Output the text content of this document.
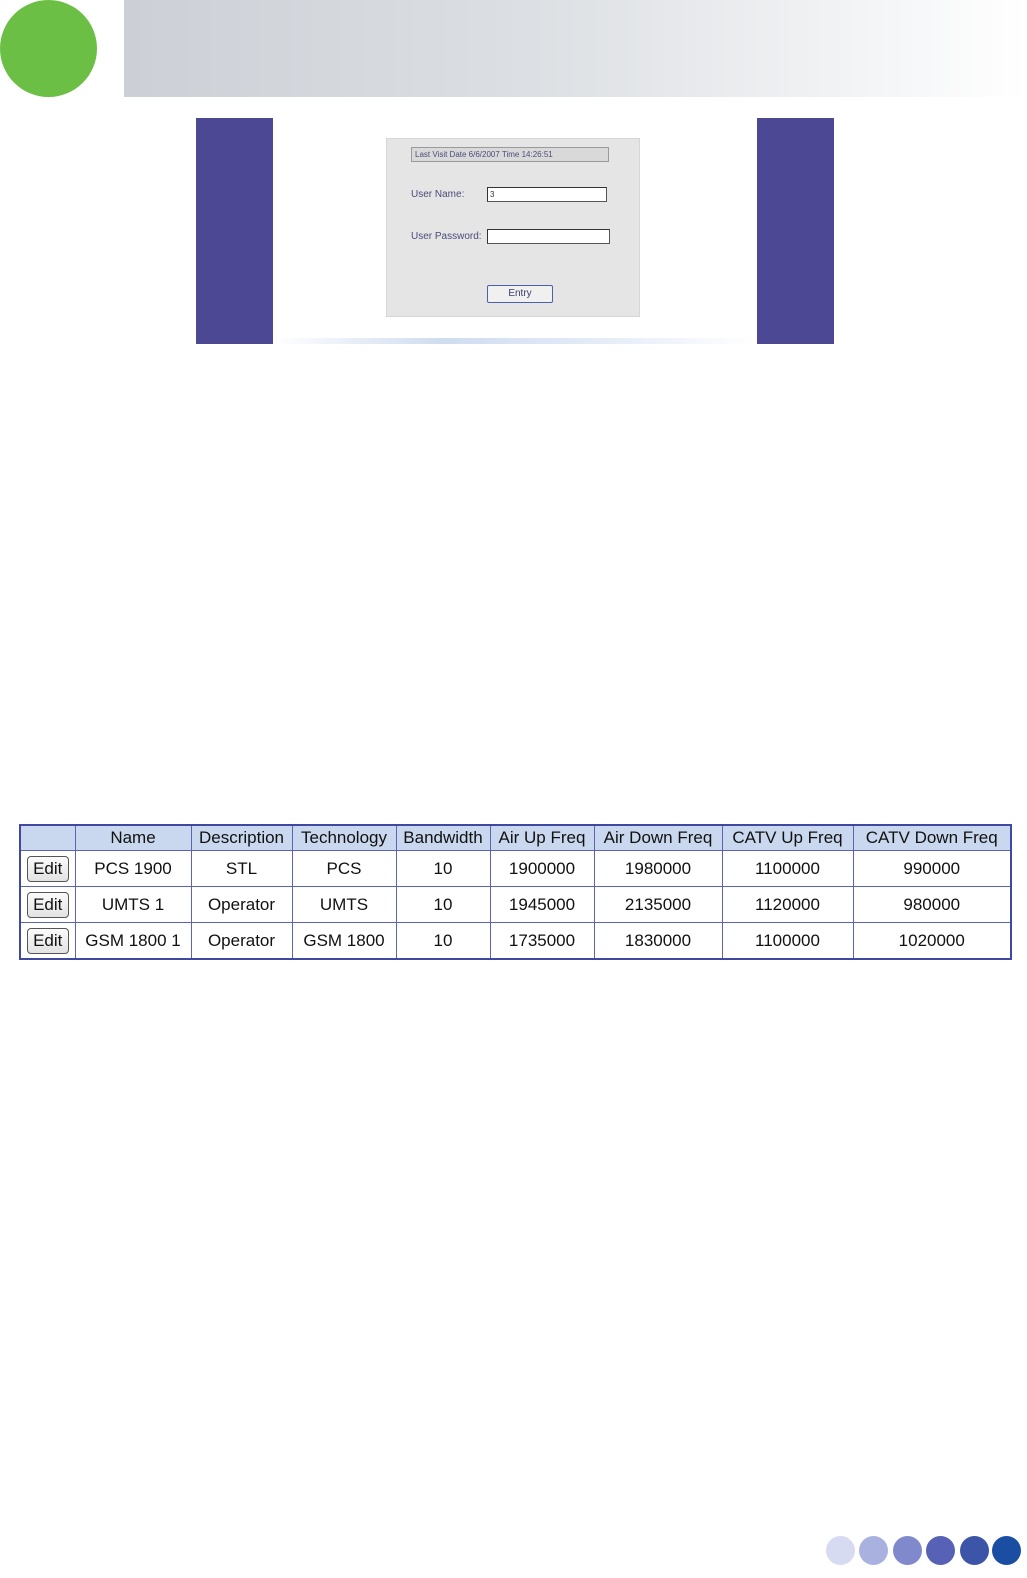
Last Visit Date 6/6/2007 Time 14:26:51
User Name:	3
User Password:
Entry
	Name	Description	Technology	Bandwidth	Air Up Freq	Air Down Freq	CATV Up Freq	CATV Down Freq
Edit	PCS 1900	STL	PCS	10	1900000	1980000	1100000	990000
Edit	UMTS 1	Operator	UMTS	10	1945000	2135000	1120000	980000
Edit	GSM 1800 1	Operator	GSM 1800	10	1735000	1830000	1100000	1020000
